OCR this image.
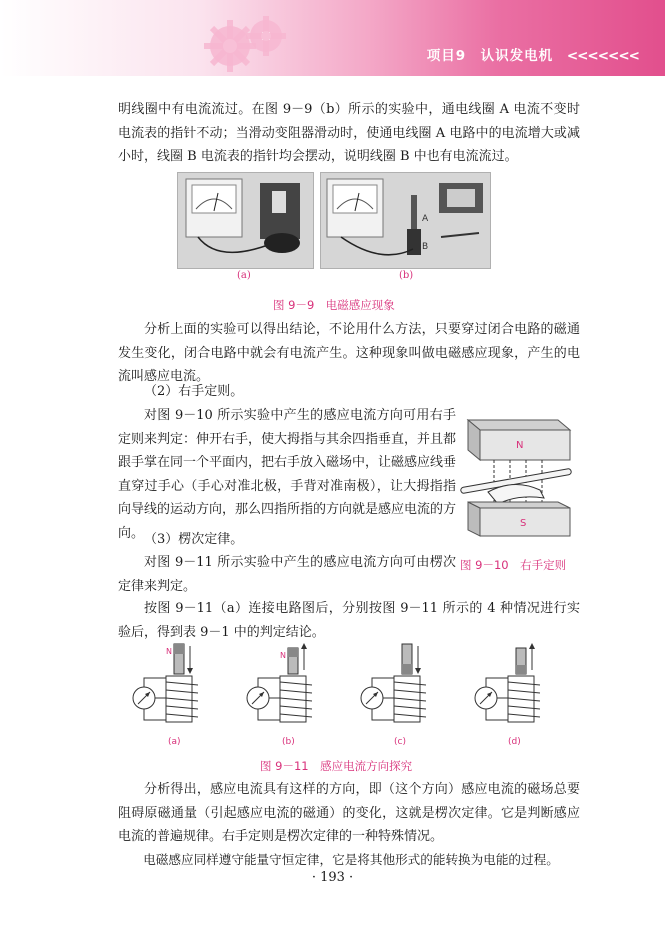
项目9　认识发电机 <<<<<<<

明线圈中有电流流过。在图 9－9（b）所示的实验中，通电线圈 A 电流不变时电流表的指针不动；当滑动变阻器滑动时，使通电线圈 A 电路中的电流增大或减小时，线圈 B 电流表的指针均会摆动，说明线圈 B 中也有电流流过。

A
B
(a)	(b)
图 9－9　电磁感应现象

分析上面的实验可以得出结论，不论用什么方法，只要穿过闭合电路的磁通发生变化，闭合电路中就会有电流产生。这种现象叫做电磁感应现象，产生的电流叫感应电流。

（2）右手定则。

对图 9－10 所示实验中产生的感应电流方向可用右手定则来判定：伸开右手，使大拇指与其余四指垂直，并且都跟手掌在同一个平面内，把右手放入磁场中，让磁感应线垂直穿过手心（手心对准北极，手背对准南极），让大拇指指向导线的运动方向，那么四指所指的方向就是感应电流的方向。 （3）楞次定律。

对图 9－11 所示实验中产生的感应电流方向可由楞次定律来判定。

N
S
图 9－10　右手定则

按图 9－11（a）连接电路图后，分别按图 9－11 所示的 4 种情况进行实验后，得到表 9－1 中的判定结论。

N	N
(a)	(b)	(c)	(d)
图 9－11　感应电流方向探究

分析得出，感应电流具有这样的方向，即（这个方向）感应电流的磁场总要阻碍原磁通量（引起感应电流的磁通）的变化，这就是楞次定律。它是判断感应电流的普遍规律。右手定则是楞次定律的一种特殊情况。

电磁感应同样遵守能量守恒定律，它是将其他形式的能转换为电能的过程。

· 193 ·
